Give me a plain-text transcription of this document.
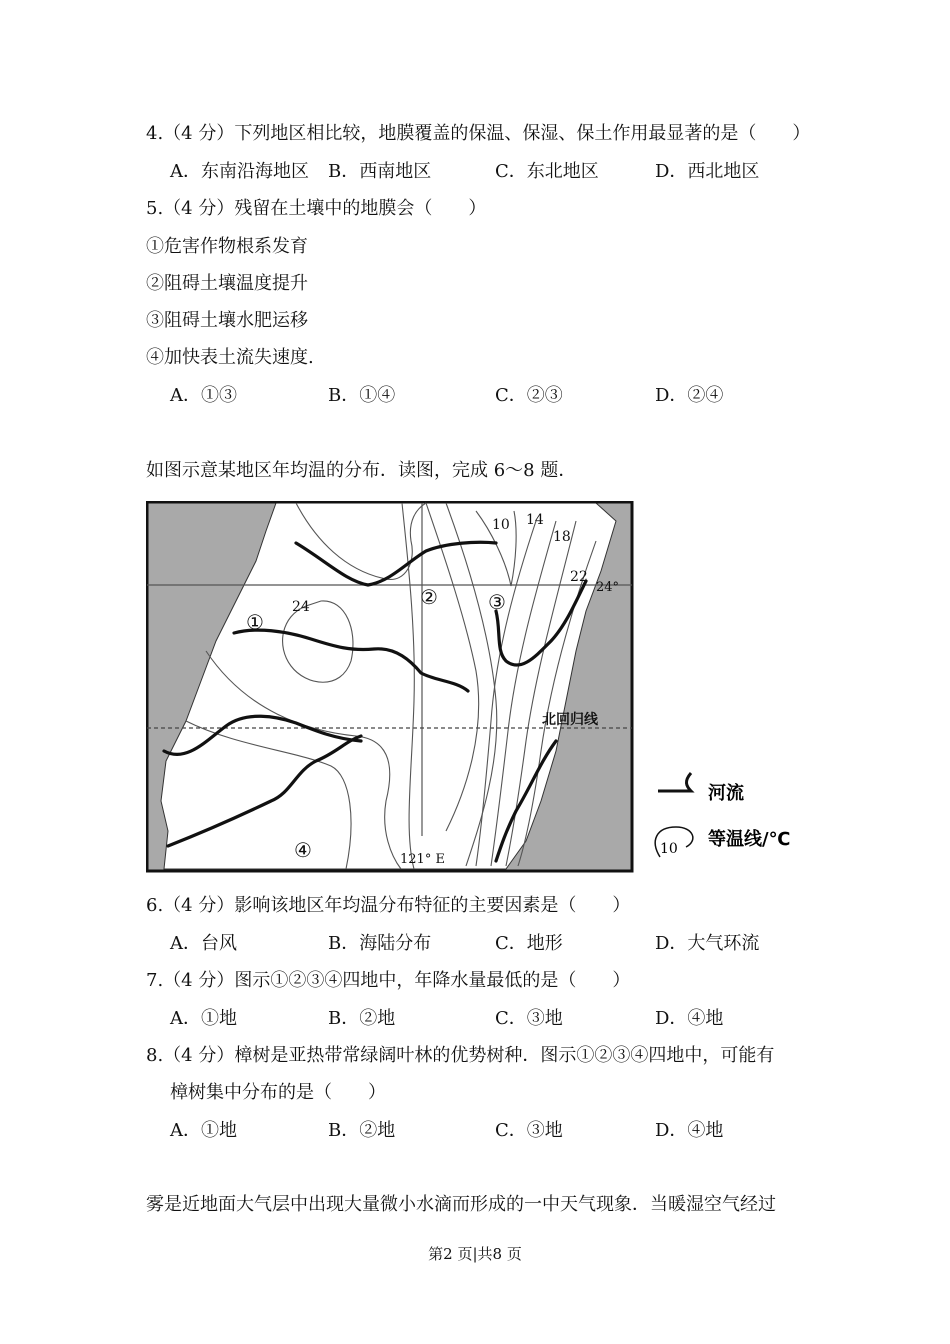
4.（4 分）下列地区相比较，地膜覆盖的保温、保湿、保土作用最显著的是（　　）
A．东南沿海地区 B．西南地区	C．东北地区	D．西北地区
5.（4 分）残留在土壤中的地膜会（　　）
①危害作物根系发育
②阻碍土壤温度提升
③阻碍土壤水肥运移
④加快表土流失速度.
A．①③	B．①④	C．②③	D．②④
如图示意某地区年均温的分布．读图，完成 6～8 题．
10 14
18
22
24
24°
①
②	③
④
北回归线
121° E
河流
10 等温线/℃
6.（4 分）影响该地区年均温分布特征的主要因素是（　　）
A．台风	B．海陆分布	C．地形	D．大气环流
7.（4 分）图示①②③④四地中，年降水量最低的是（　　）
A．①地	B．②地	C．③地	D．④地
8.（4 分）樟树是亚热带常绿阔叶林的优势树种．图示①②③④四地中，可能有
樟树集中分布的是（　　）
A．①地	B．②地	C．③地	D．④地
雾是近地面大气层中出现大量微小水滴而形成的一中天气现象．当暖湿空气经过
第2 页|共8 页
